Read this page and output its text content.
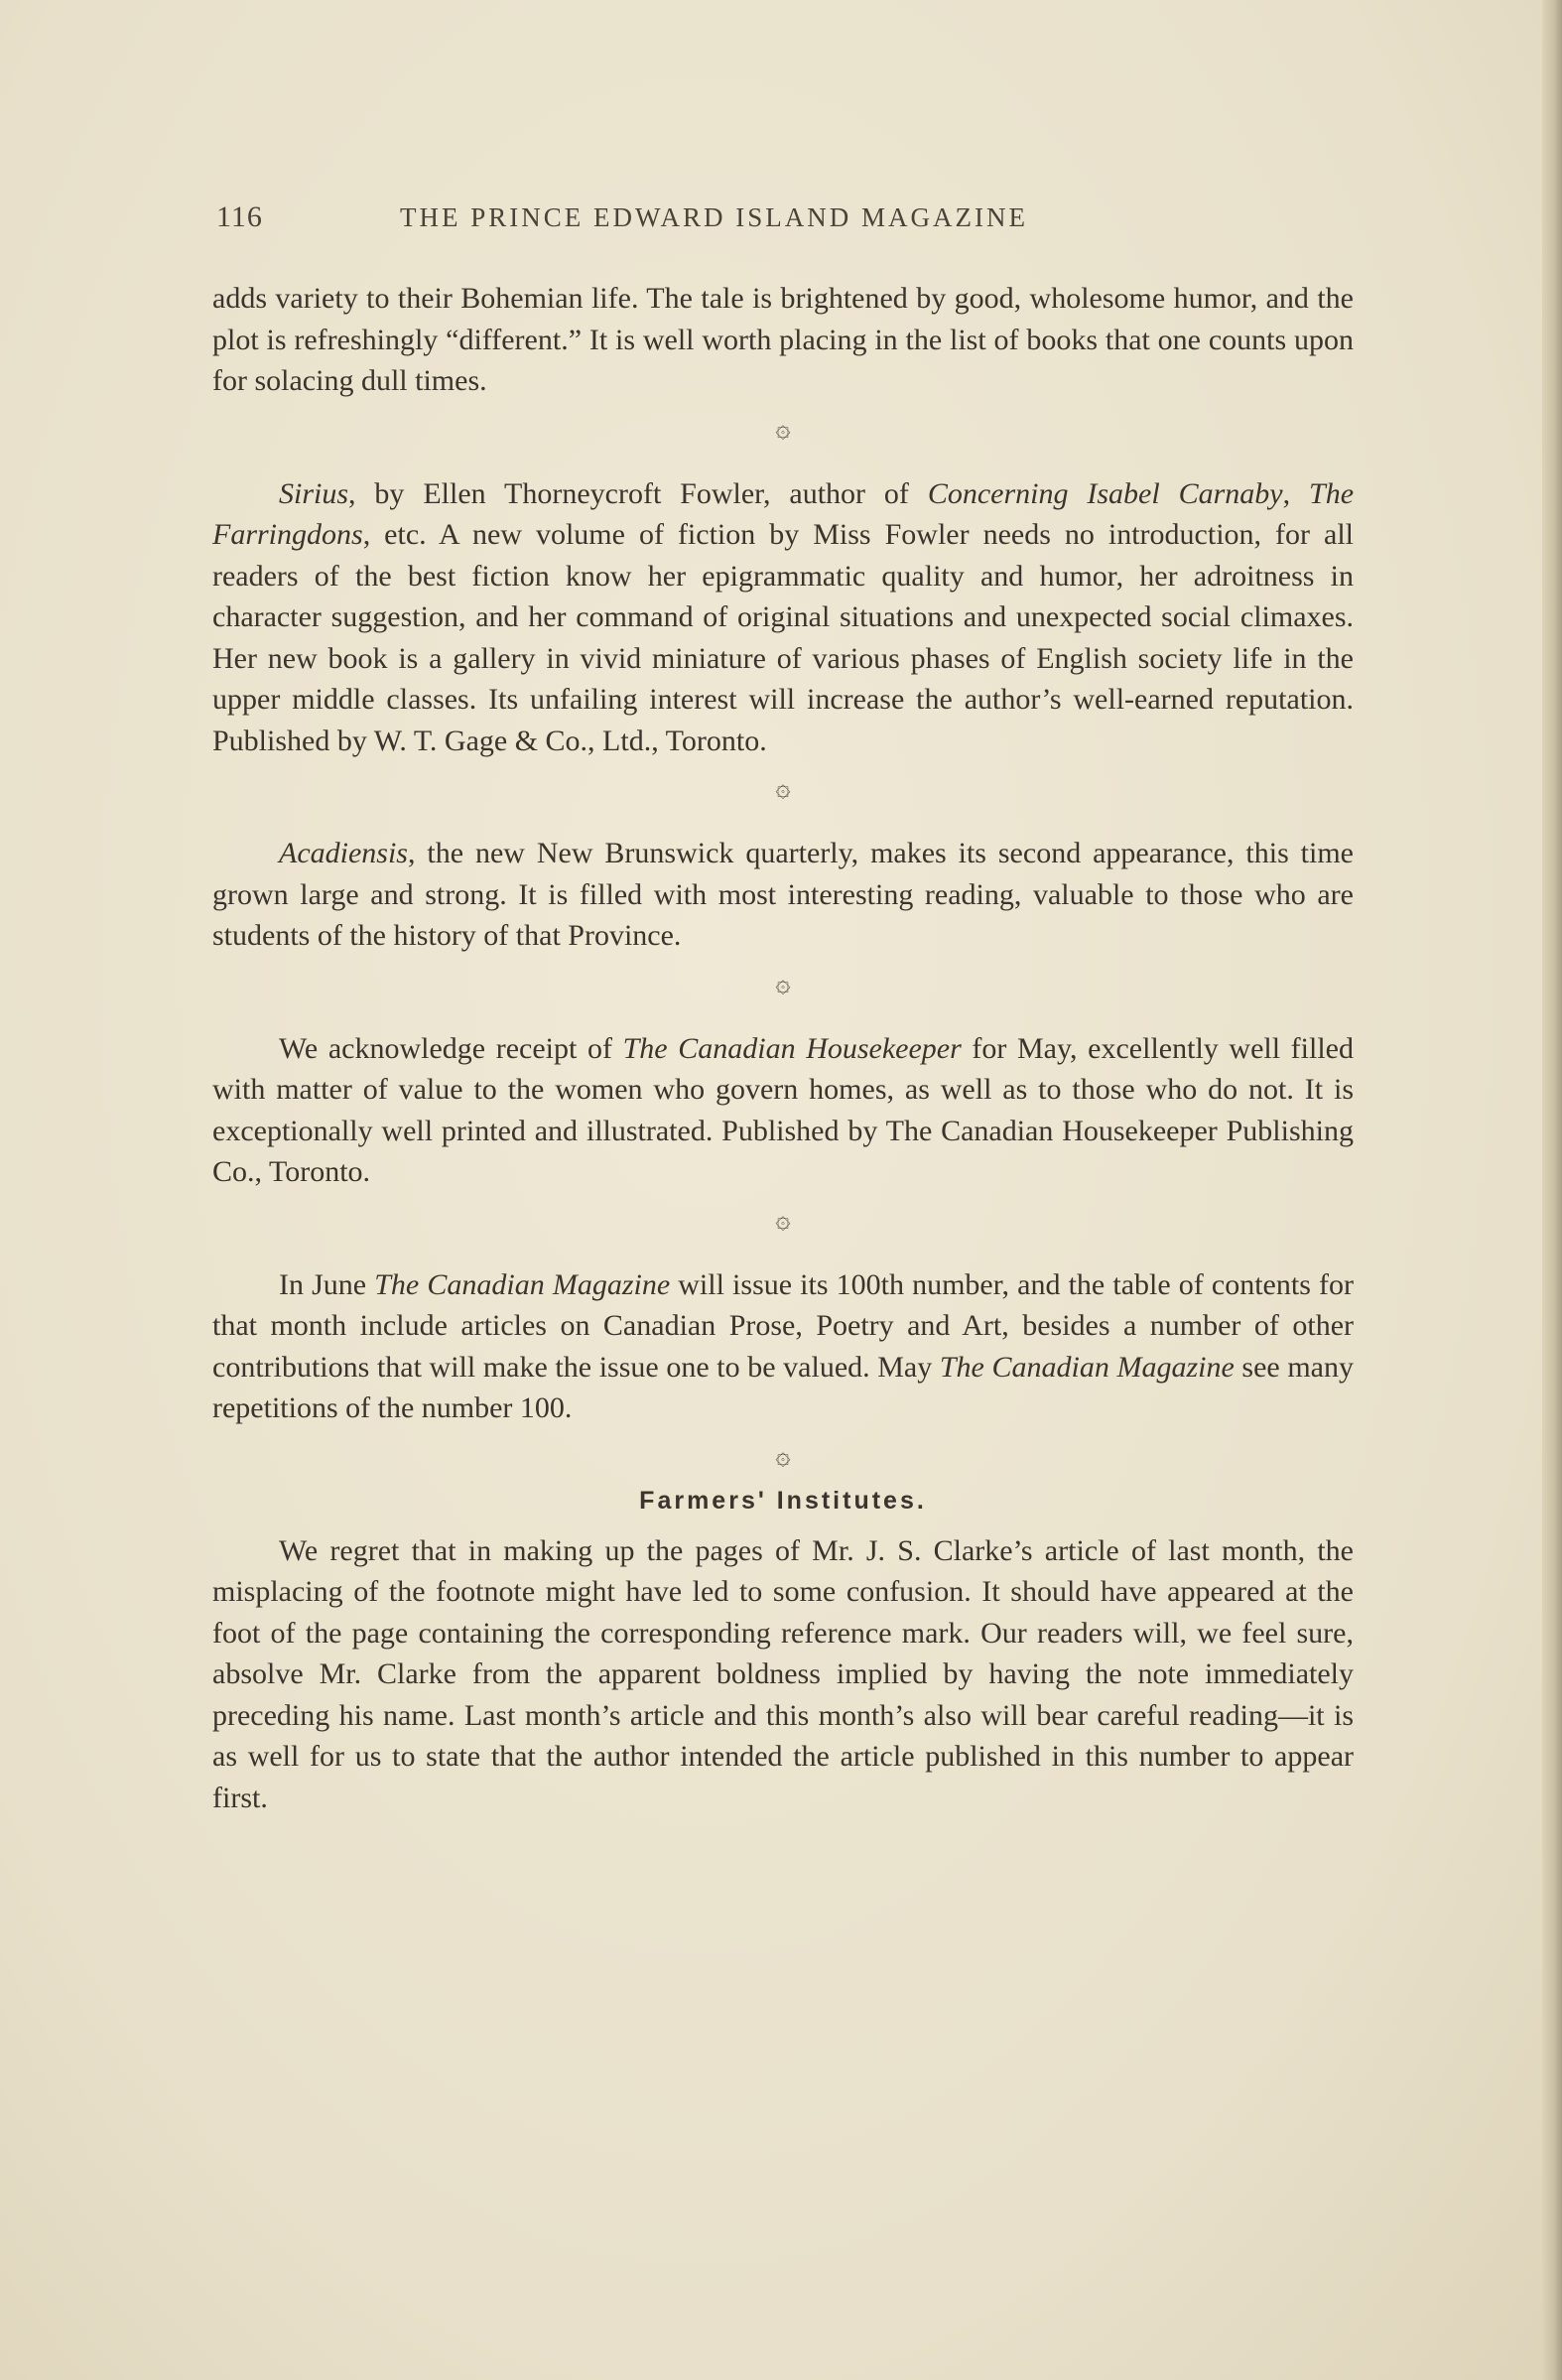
116	THE PRINCE EDWARD ISLAND MAGAZINE

adds variety to their Bohemian life. The tale is brightened by good, wholesome humor, and the plot is refreshingly “different.” It is well worth placing in the list of books that one counts upon for solacing dull times.

۞

Sirius, by Ellen Thorneycroft Fowler, author of Concerning Isabel Carnaby, The Farringdons, etc. A new volume of fiction by Miss Fowler needs no introduction, for all readers of the best fiction know her epigrammatic quality and humor, her adroitness in character suggestion, and her command of original situations and unexpected social climaxes. Her new book is a gallery in vivid miniature of various phases of English society life in the upper middle classes. Its unfailing interest will increase the author’s well-earned reputation. Published by W. T. Gage & Co., Ltd., Toronto.

۞

Acadiensis, the new New Brunswick quarterly, makes its second appearance, this time grown large and strong. It is filled with most interesting reading, valuable to those who are students of the history of that Province.

۞

We acknowledge receipt of The Canadian Housekeeper for May, excellently well filled with matter of value to the women who govern homes, as well as to those who do not. It is exceptionally well printed and illustrated. Published by The Canadian Housekeeper Publishing Co., Toronto.

۞

In June The Canadian Magazine will issue its 100th number, and the table of contents for that month include articles on Canadian Prose, Poetry and Art, besides a number of other contributions that will make the issue one to be valued. May The Canadian Magazine see many repetitions of the number 100.

۞
Farmers' Institutes.

We regret that in making up the pages of Mr. J. S. Clarke’s article of last month, the misplacing of the footnote might have led to some confusion. It should have appeared at the foot of the page containing the corresponding reference mark. Our readers will, we feel sure, absolve Mr. Clarke from the apparent boldness implied by having the note immediately preceding his name. Last month’s article and this month’s also will bear careful reading—it is as well for us to state that the author intended the article published in this number to appear first.
